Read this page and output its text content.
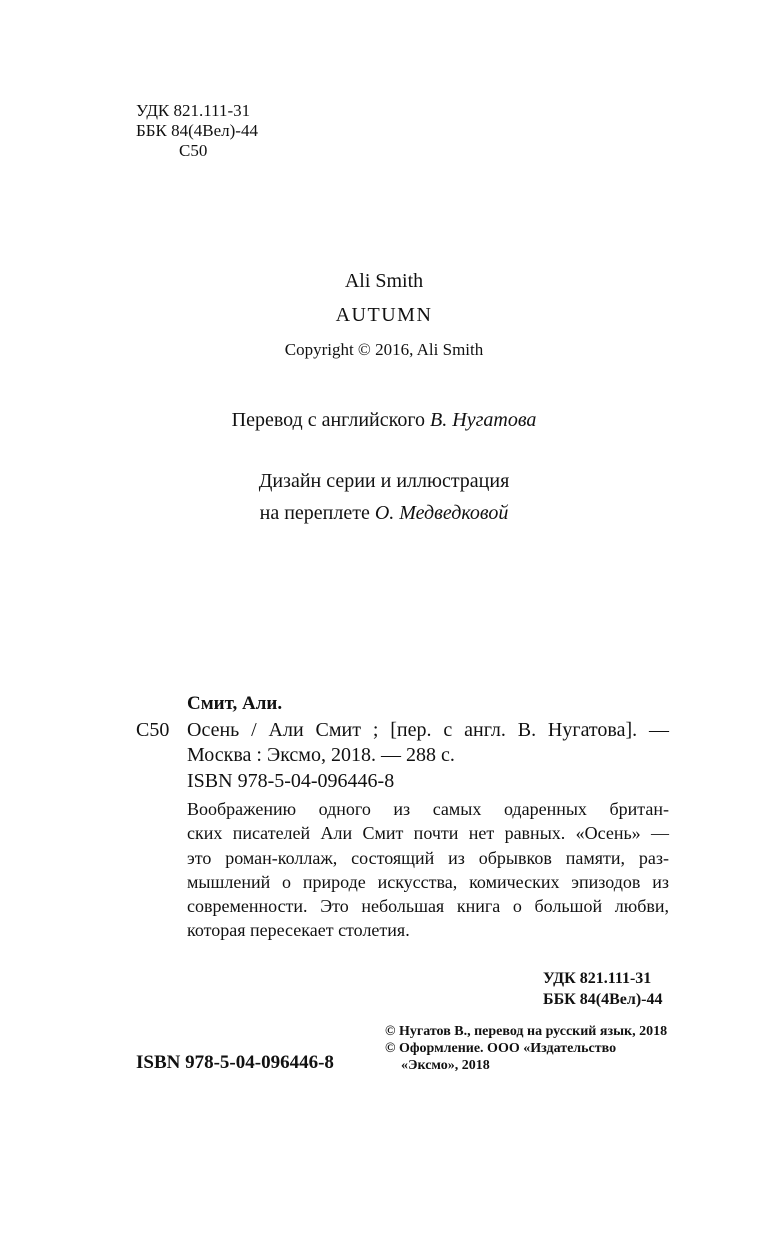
УДК 821.111-31
ББК 84(4Вел)-44
С50
Ali Smith
AUTUMN
Copyright © 2016, Ali Smith
Перевод с английского В. Нугатова
Дизайн серии и иллюстрация
на переплете О. Медведковой
Смит, Али.
С50 Осень / Али Смит ; [пер. с англ. В. Нугатова]. —
Москва : Эксмо, 2018. — 288 с.
ISBN 978-5-04-096446-8
Воображению одного из самых одаренных британ-
ских писателей Али Смит почти нет равных. «Осень» —
это роман-коллаж, состоящий из обрывков памяти, раз-
мышлений о природе искусства, комических эпизодов из
современности. Это небольшая книга о большой любви,
которая пересекает столетия.
УДК 821.111-31
ББК 84(4Вел)-44
© Нугатов В., перевод на русский язык, 2018
© Оформление. ООО «Издательство
«Эксмо», 2018
ISBN 978-5-04-096446-8
